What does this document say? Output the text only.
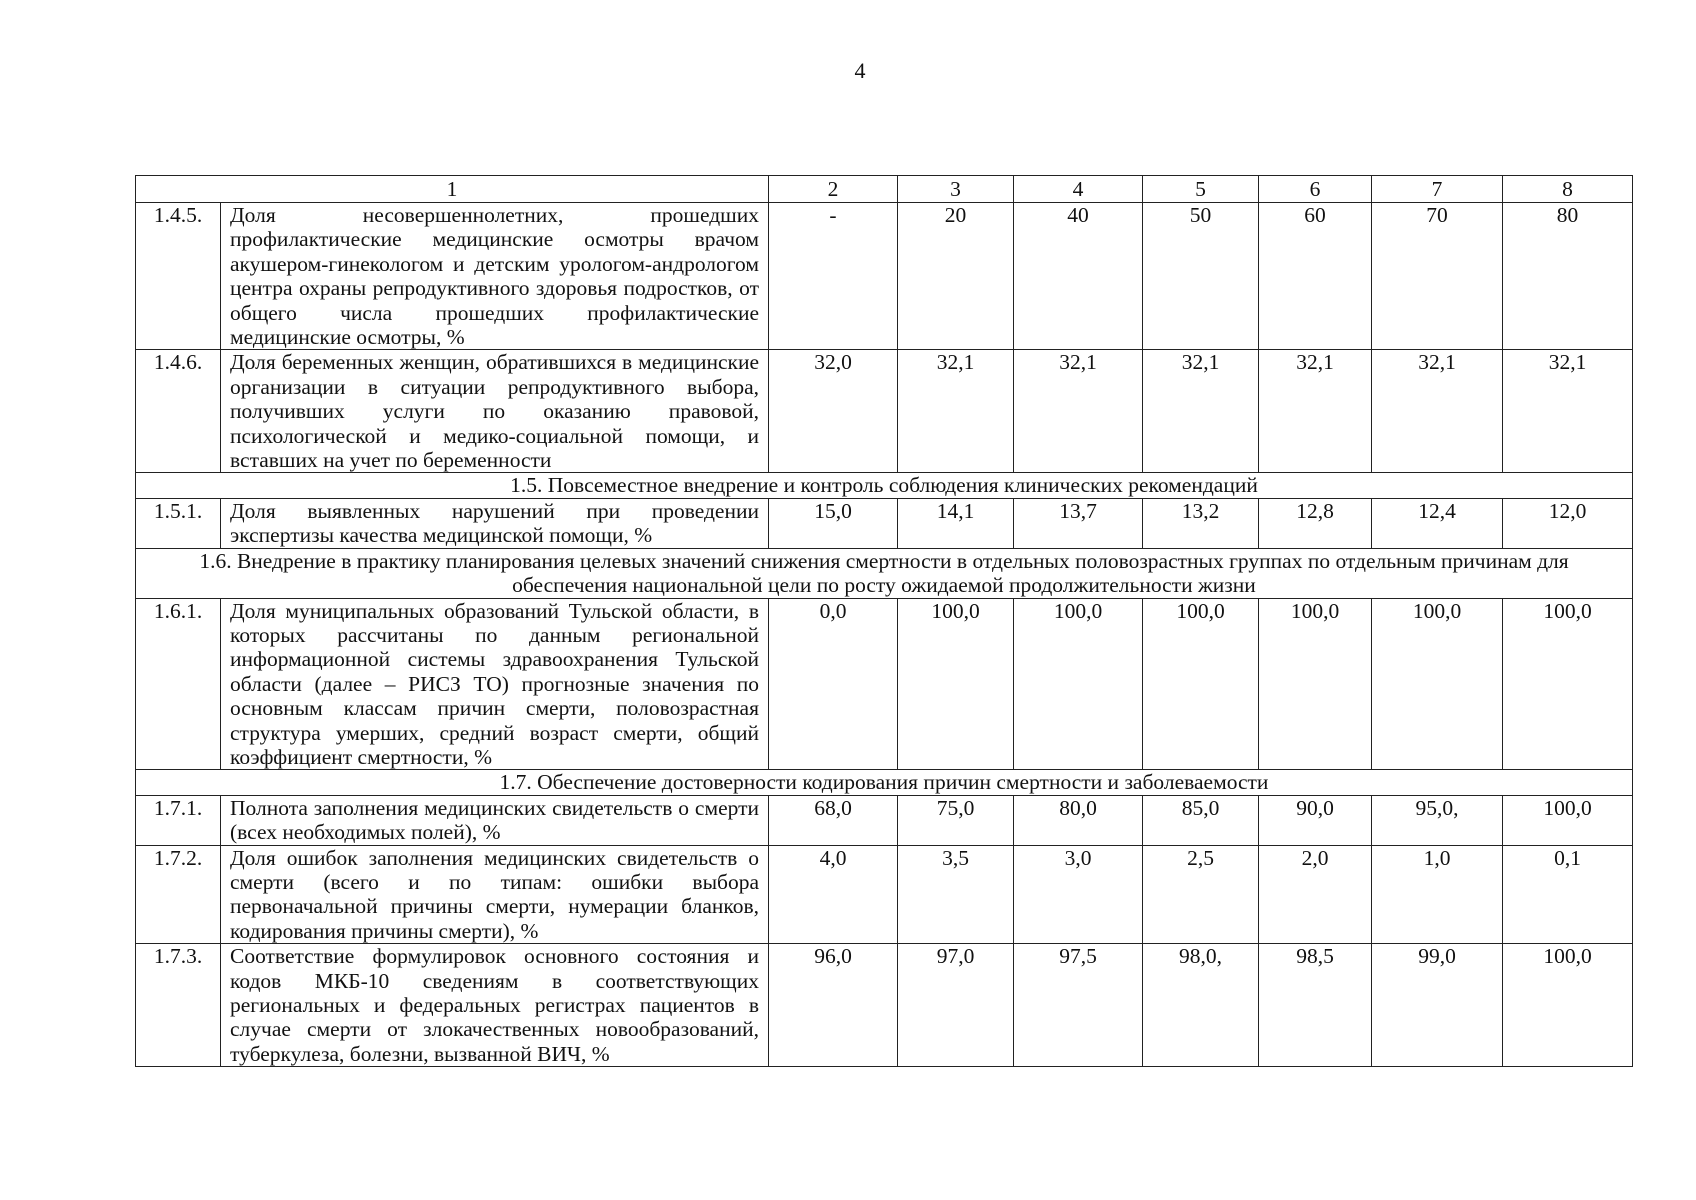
4
1		2	3	4	5	6	7	8
1.4.5.	Доля несовершеннолетних, прошедших профилактические медицинские осмотры врачом акушером-гинекологом и детским урологом-андрологом центра охраны репродуктивного здоровья подростков, от общего числа прошедших профилактические медицинские осмотры, %	-	20	40	50	60	70	80
1.4.6.	Доля беременных женщин, обратившихся в медицинские организации в ситуации репродуктивного выбора, получивших услуги по оказанию правовой, психологической и медико-социальной помощи, и вставших на учет по беременности	32,0	32,1	32,1	32,1	32,1	32,1	32,1
1.5. Повсеместное внедрение и контроль соблюдения клинических рекомендаций								
1.5.1.	Доля выявленных нарушений при проведении экспертизы качества медицинской помощи, %	15,0	14,1	13,7	13,2	12,8	12,4	12,0
1.6. Внедрение в практику планирования целевых значений снижения смертности в отдельных половозрастных группах по отдельным причинам для обеспечения национальной цели по росту ожидаемой продолжительности жизни								
1.6.1.	Доля муниципальных образований Тульской области, в которых рассчитаны по данным региональной информационной системы здравоохранения Тульской области (далее – РИСЗ ТО) прогнозные значения по основным классам причин смерти, половозрастная структура умерших, средний возраст смерти, общий коэффициент смертности, %	0,0	100,0	100,0	100,0	100,0	100,0	100,0
1.7. Обеспечение достоверности кодирования причин смертности и заболеваемости								
1.7.1.	Полнота заполнения медицинских свидетельств о смерти (всех необходимых полей), %	68,0	75,0	80,0	85,0	90,0	95,0,	100,0
1.7.2.	Доля ошибок заполнения медицинских свидетельств о смерти (всего и по типам: ошибки выбора первоначальной причины смерти, нумерации бланков, кодирования причины смерти), %	4,0	3,5	3,0	2,5	2,0	1,0	0,1
1.7.3.	Соответствие формулировок основного состояния и кодов МКБ-10 сведениям в соответствующих региональных и федеральных регистрах пациентов в случае смерти от злокачественных новообразований, туберкулеза, болезни, вызванной ВИЧ, %	96,0	97,0	97,5	98,0,	98,5	99,0	100,0
